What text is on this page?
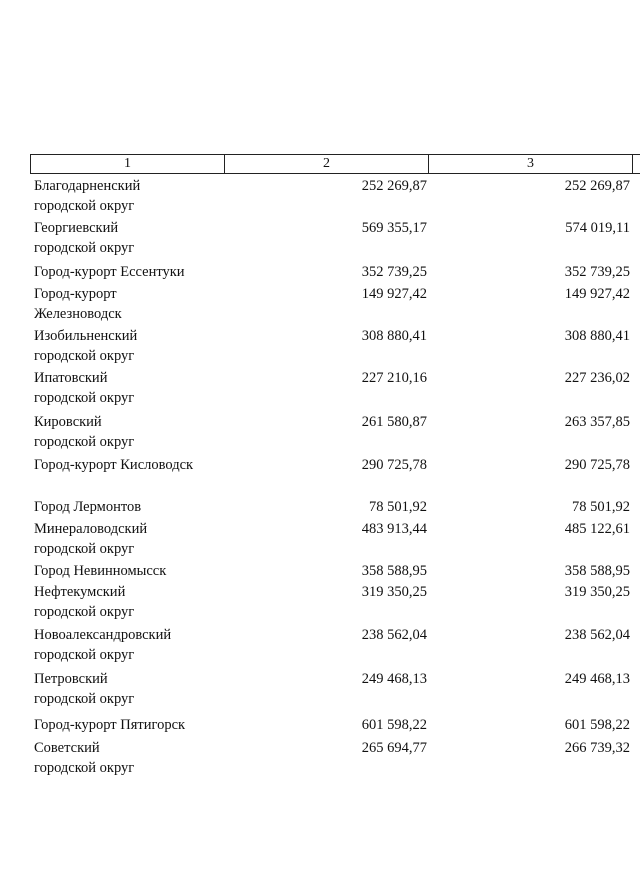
1	2	3
Благодарненский
городской округ
252 269,87	252 269,87
Георгиевский
городской округ
569 355,17	574 019,11
Город-курорт Ессентуки	352 739,25	352 739,25
Город-курорт
Железноводск
149 927,42	149 927,42
Изобильненский
городской округ
308 880,41	308 880,41
Ипатовский
городской округ
227 210,16	227 236,02
Кировский
городской округ
261 580,87	263 357,85
Город-курорт Кисловодск	290 725,78	290 725,78
Город Лермонтов	78 501,92	78 501,92
Минераловодский
городской округ
483 913,44	485 122,61
Город Невинномысск	358 588,95	358 588,95
Нефтекумский
городской округ
319 350,25	319 350,25
Новоалександровский
городской округ
238 562,04	238 562,04
Петровский
городской округ
249 468,13	249 468,13
Город-курорт Пятигорск	601 598,22	601 598,22
Советский
городской округ
265 694,77	266 739,32
